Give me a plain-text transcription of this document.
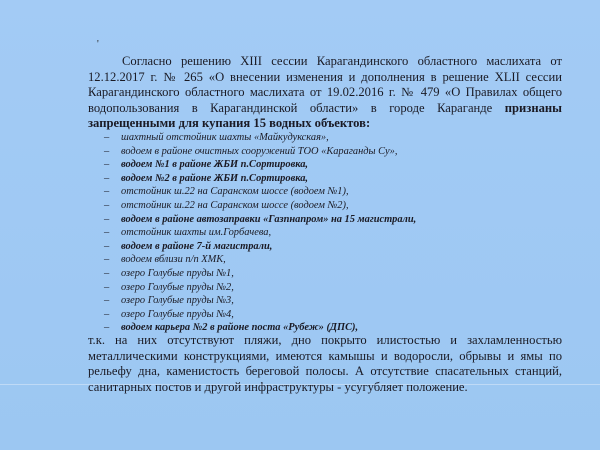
'

Согласно решению XIII сессии Карагандинского областного маслихата от 12.12.2017 г. № 265 «О внесении изменения и дополнения в решение XLII сессии Карагандинского областного маслихата от 19.02.2016 г. № 479 «О Правилах общего водопользования в Карагандинской области» в городе Караганде признаны запрещенными для купания 15 водных объектов:

– шахтный отстойник шахты «Майкудукская»,
– водоем в районе очистных сооружений ТОО «Караганды Су»,
– водоем №1 в районе ЖБИ п.Сортировка,
– водоем №2 в районе ЖБИ п.Сортировка,
– отстойник ш.22 на Саранском шоссе (водоем №1),
– отстойник ш.22 на Саранском шоссе (водоем №2),
– водоем в районе автозаправки «Газпнапром» на 15 магистрали,
– отстойник шахты им.Горбачева,
– водоем в районе 7-й магистрали,
– водоем вблизи п/п ХМК,
– озеро Голубые пруды №1,
– озеро Голубые пруды №2,
– озеро Голубые пруды №3,
– озеро Голубые пруды №4,
– водоем карьера №2 в районе поста «Рубеж» (ДПС),

т.к. на них отсутствуют пляжи, дно покрыто илистостью и захламленностью металлическими конструкциями, имеются камышы и водоросли, обрывы и ямы по рельефу дна, каменистость береговой полосы. А отсутствие спасательных станций, санитарных постов и другой инфраструктуры - усугубляет положение.
